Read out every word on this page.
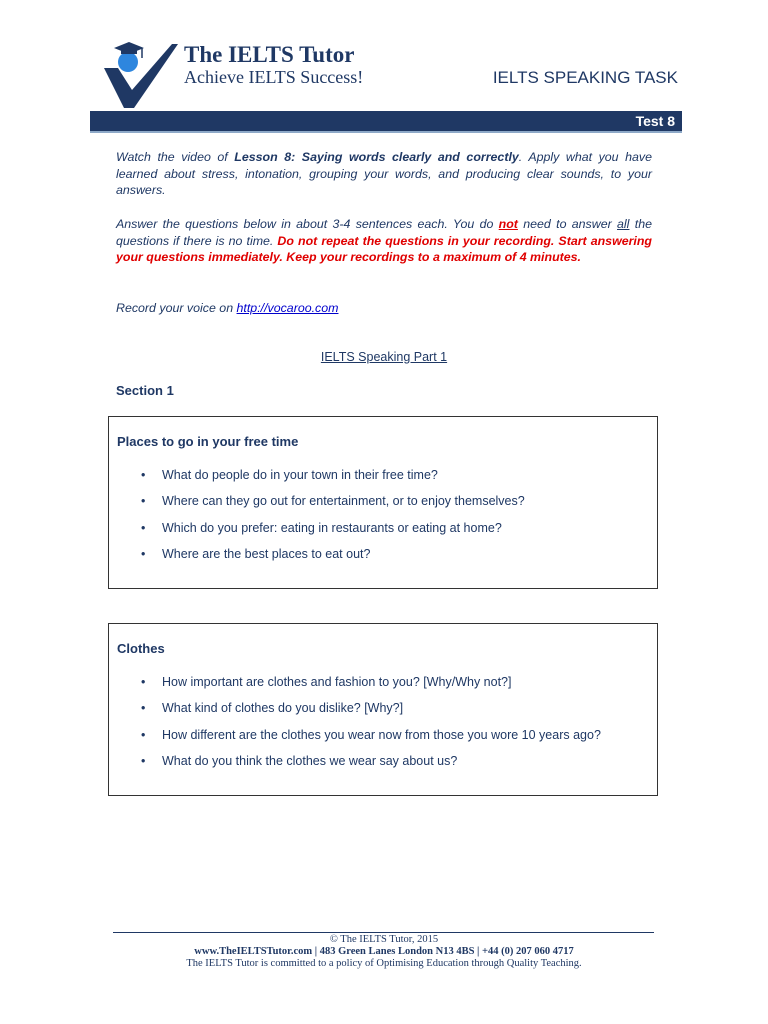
The IELTS Tutor
Achieve IELTS Success!	IELTS SPEAKING TASK
Test 8
Watch the video of Lesson 8: Saying words clearly and correctly. Apply what you have learned about stress, intonation, grouping your words, and producing clear sounds, to your answers.
Answer the questions below in about 3-4 sentences each. You do not need to answer all the questions if there is no time. Do not repeat the questions in your recording. Start answering your questions immediately. Keep your recordings to a maximum of 4 minutes.
Record your voice on http://vocaroo.com
IELTS Speaking Part 1
Section 1
Places to go in your free time
• What do people do in your town in their free time?
• Where can they go out for entertainment, or to enjoy themselves?
• Which do you prefer: eating in restaurants or eating at home?
• Where are the best places to eat out?
Clothes
• How important are clothes and fashion to you? [Why/Why not?]
• What kind of clothes do you dislike? [Why?]
• How different are the clothes you wear now from those you wore 10 years ago?
• What do you think the clothes we wear say about us?
© The IELTS Tutor, 2015
www.TheIELTSTutor.com | 483 Green Lanes London N13 4BS | +44 (0) 207 060 4717
The IELTS Tutor is committed to a policy of Optimising Education through Quality Teaching.
